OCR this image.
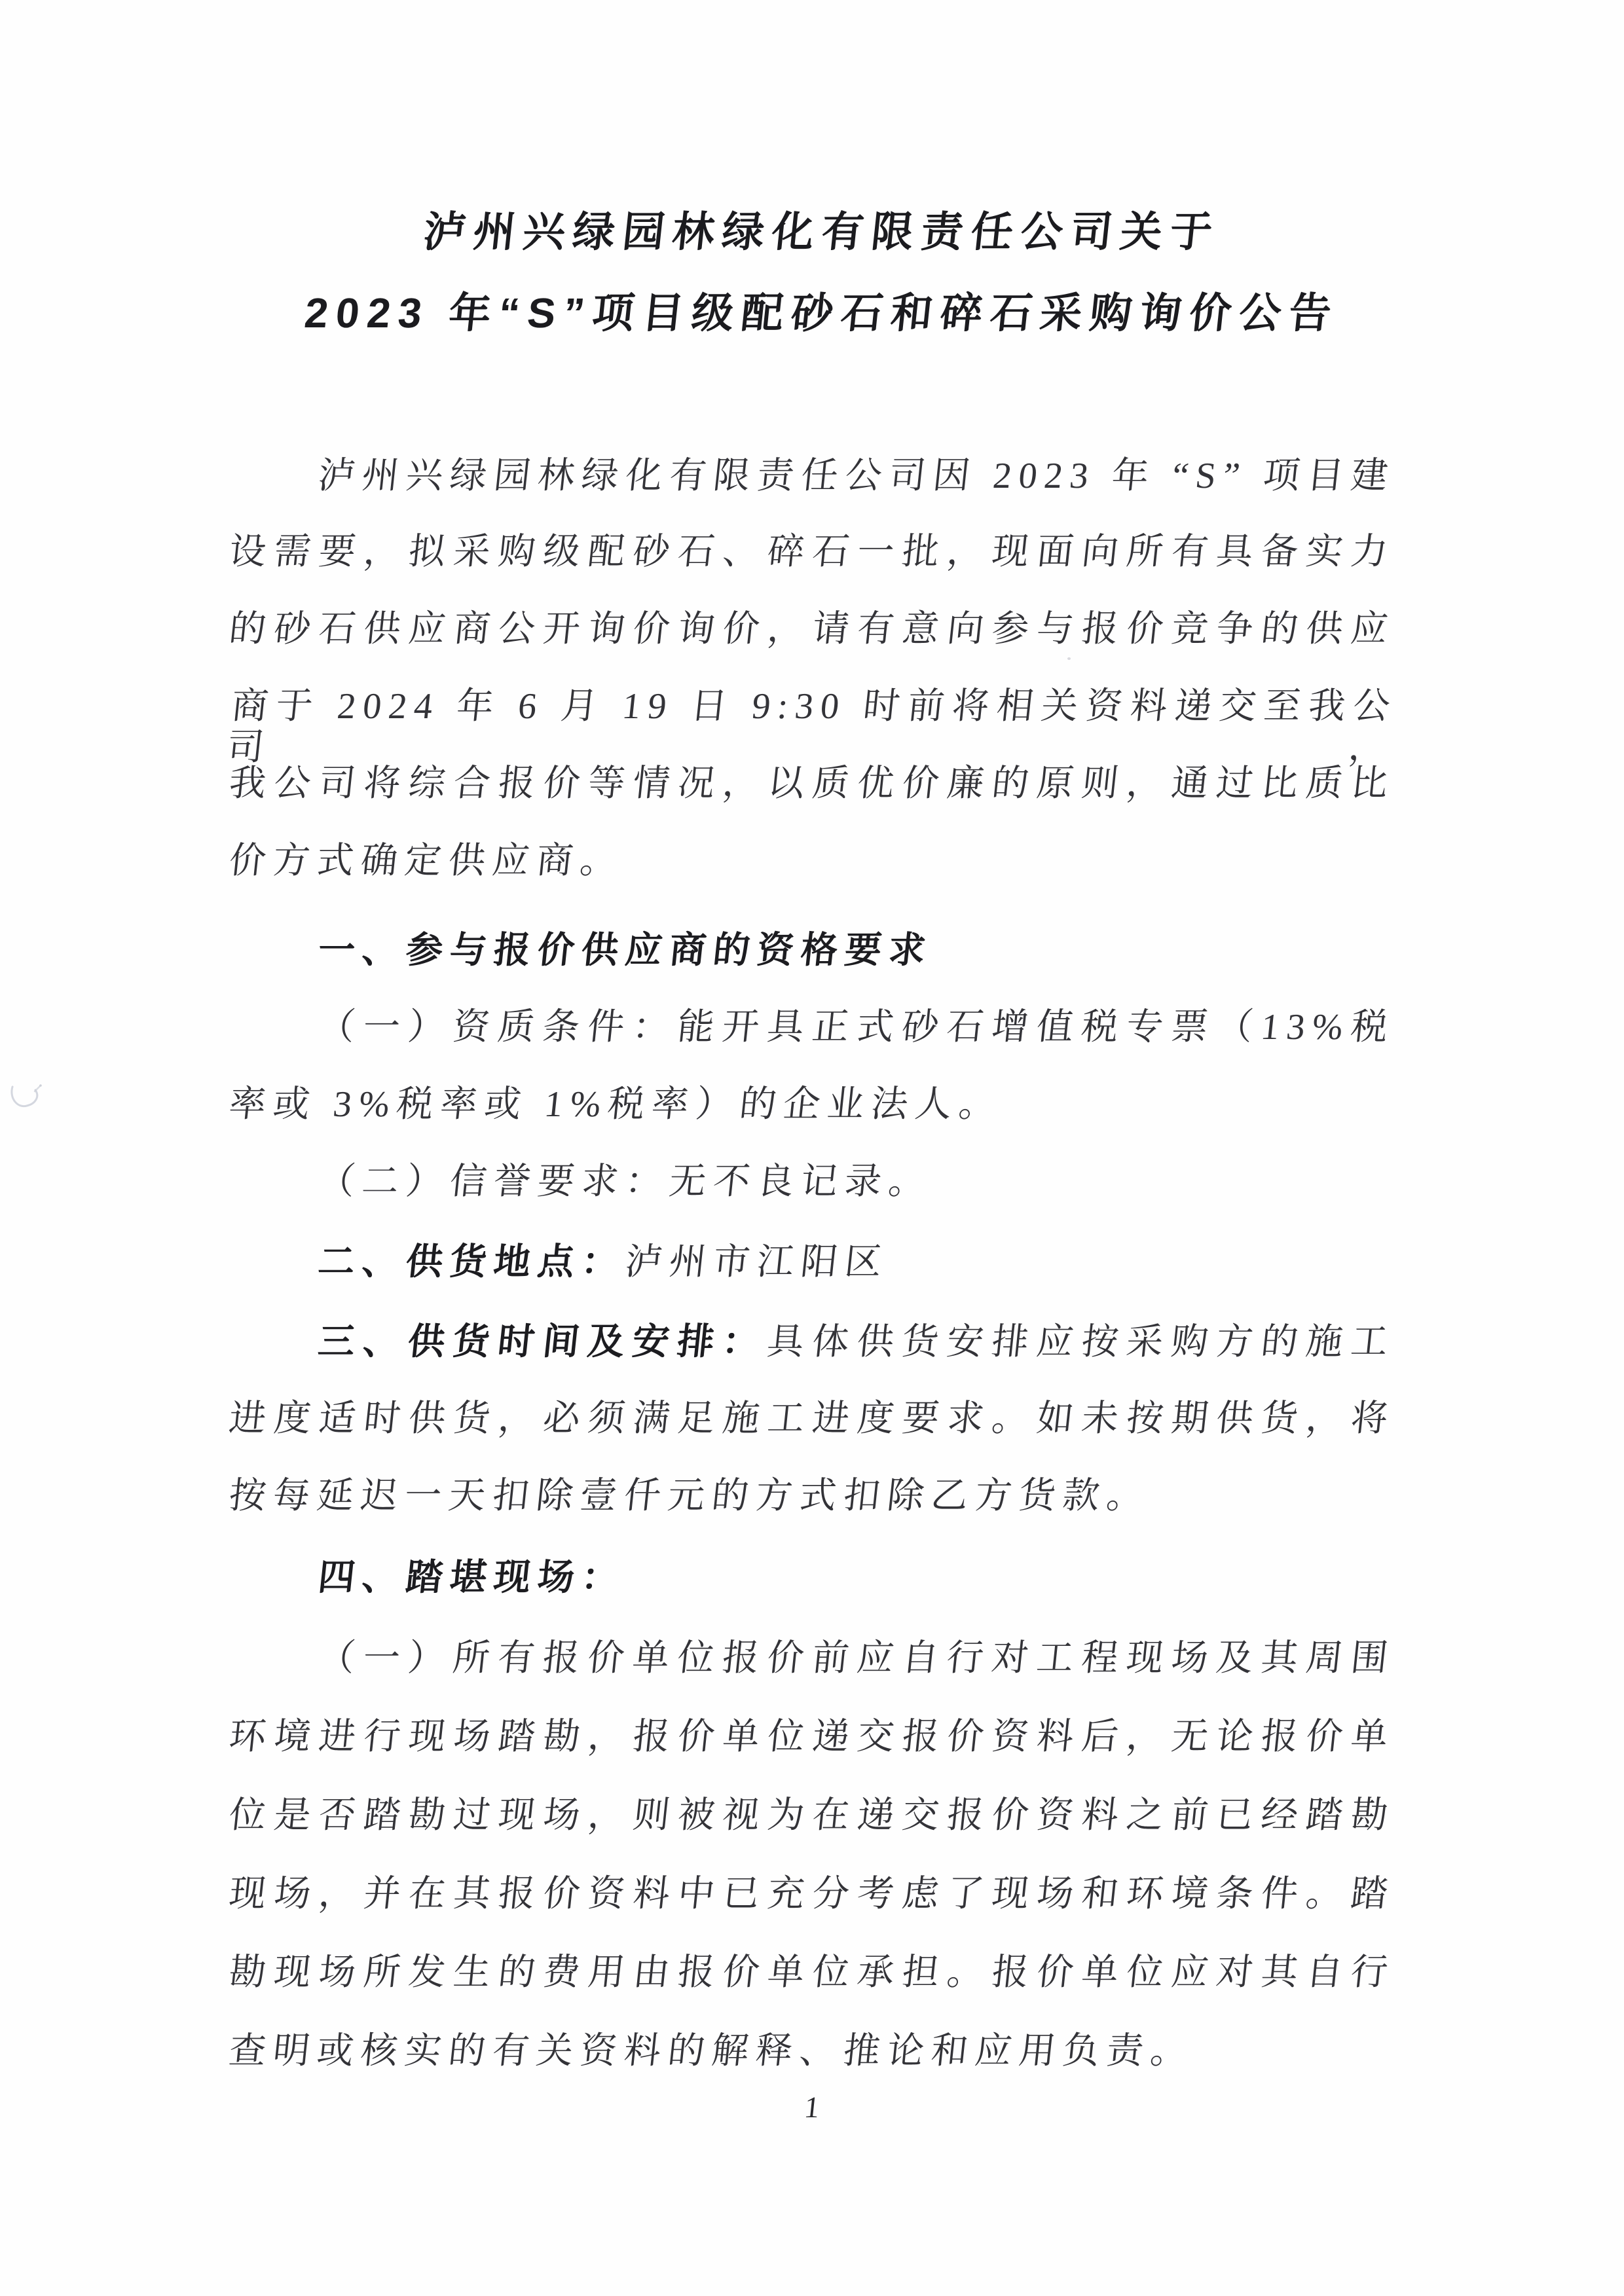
泸州兴绿园林绿化有限责任公司关于
2023 年“S”项目级配砂石和碎石采购询价公告
泸州兴绿园林绿化有限责任公司因 2023 年 “S” 项目建
设需要，拟采购级配砂石、碎石一批，现面向所有具备实力
的砂石供应商公开询价询价，请有意向参与报价竞争的供应
商于 2024 年 6 月 19 日 9:30 时前将相关资料递交至我公司，
我公司将综合报价等情况，以质优价廉的原则，通过比质比
价方式确定供应商。
一、参与报价供应商的资格要求
（一）资质条件：能开具正式砂石增值税专票（13%税
率或 3%税率或 1%税率）的企业法人。
（二）信誉要求：无不良记录。
二、供货地点：泸州市江阳区
三、供货时间及安排：具体供货安排应按采购方的施工
进度适时供货，必须满足施工进度要求。如未按期供货，将
按每延迟一天扣除壹仟元的方式扣除乙方货款。
四、踏堪现场：
（一）所有报价单位报价前应自行对工程现场及其周围
环境进行现场踏勘，报价单位递交报价资料后，无论报价单
位是否踏勘过现场，则被视为在递交报价资料之前已经踏勘
现场，并在其报价资料中已充分考虑了现场和环境条件。踏
勘现场所发生的费用由报价单位承担。报价单位应对其自行
查明或核实的有关资料的解释、推论和应用负责。
1
